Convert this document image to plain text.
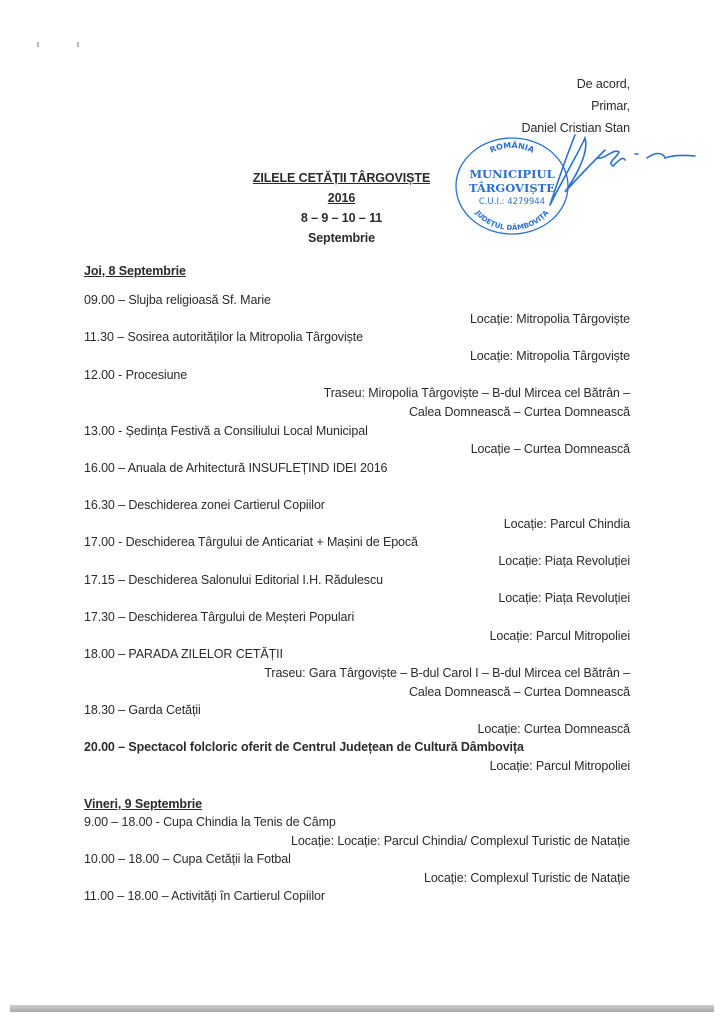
De acord,
Primar,
Daniel Cristian Stan
ROMÂNIA
JUDEȚUL DÂMBOVIȚA
MUNICIPIUL
TÂRGOVIȘTE
C.U.I.: 4279944
ZILELE CETĂȚII TÂRGOVIȘTE
2016
8 – 9 – 10 – 11
Septembrie
Joi, 8 Septembrie
09.00 – Slujba religioasă Sf. Marie
Locație: Mitropolia Târgoviște
11.30 – Sosirea autorităților la Mitropolia Târgoviște
Locație: Mitropolia Târgoviște
12.00 - Procesiune
Traseu: Miropolia Târgoviște – B-dul Mircea cel Bătrân –
Calea Domnească – Curtea Domnească
13.00 - Ședința Festivă a Consiliului Local Municipal
Locație – Curtea Domnească
16.00 – Anuala de Arhitectură INSUFLEȚIND IDEI 2016
16.30 – Deschiderea zonei Cartierul Copiilor
Locație: Parcul Chindia
17.00 - Deschiderea Târgului de Anticariat + Mașini de Epocă
Locație: Piața Revoluției
17.15 – Deschiderea Salonului Editorial I.H. Rădulescu
Locație: Piața Revoluției
17.30 – Deschiderea Târgului de Meșteri Populari
Locație: Parcul Mitropoliei
18.00 – PARADA ZILELOR CETĂȚII
Traseu: Gara Târgoviște – B-dul Carol I – B-dul Mircea cel Bătrân –
Calea Domnească – Curtea Domnească
18.30 – Garda Cetății
Locație: Curtea Domnească
20.00 – Spectacol folcloric oferit de Centrul Județean de Cultură Dâmbovița
Locație: Parcul Mitropoliei
Vineri, 9 Septembrie
9.00 – 18.00 - Cupa Chindia la Tenis de Câmp
Locație: Locație: Parcul Chindia/ Complexul Turistic de Natație
10.00 – 18.00 – Cupa Cetății la Fotbal
Locație: Complexul Turistic de Natație
11.00 – 18.00 – Activități în Cartierul Copiilor
